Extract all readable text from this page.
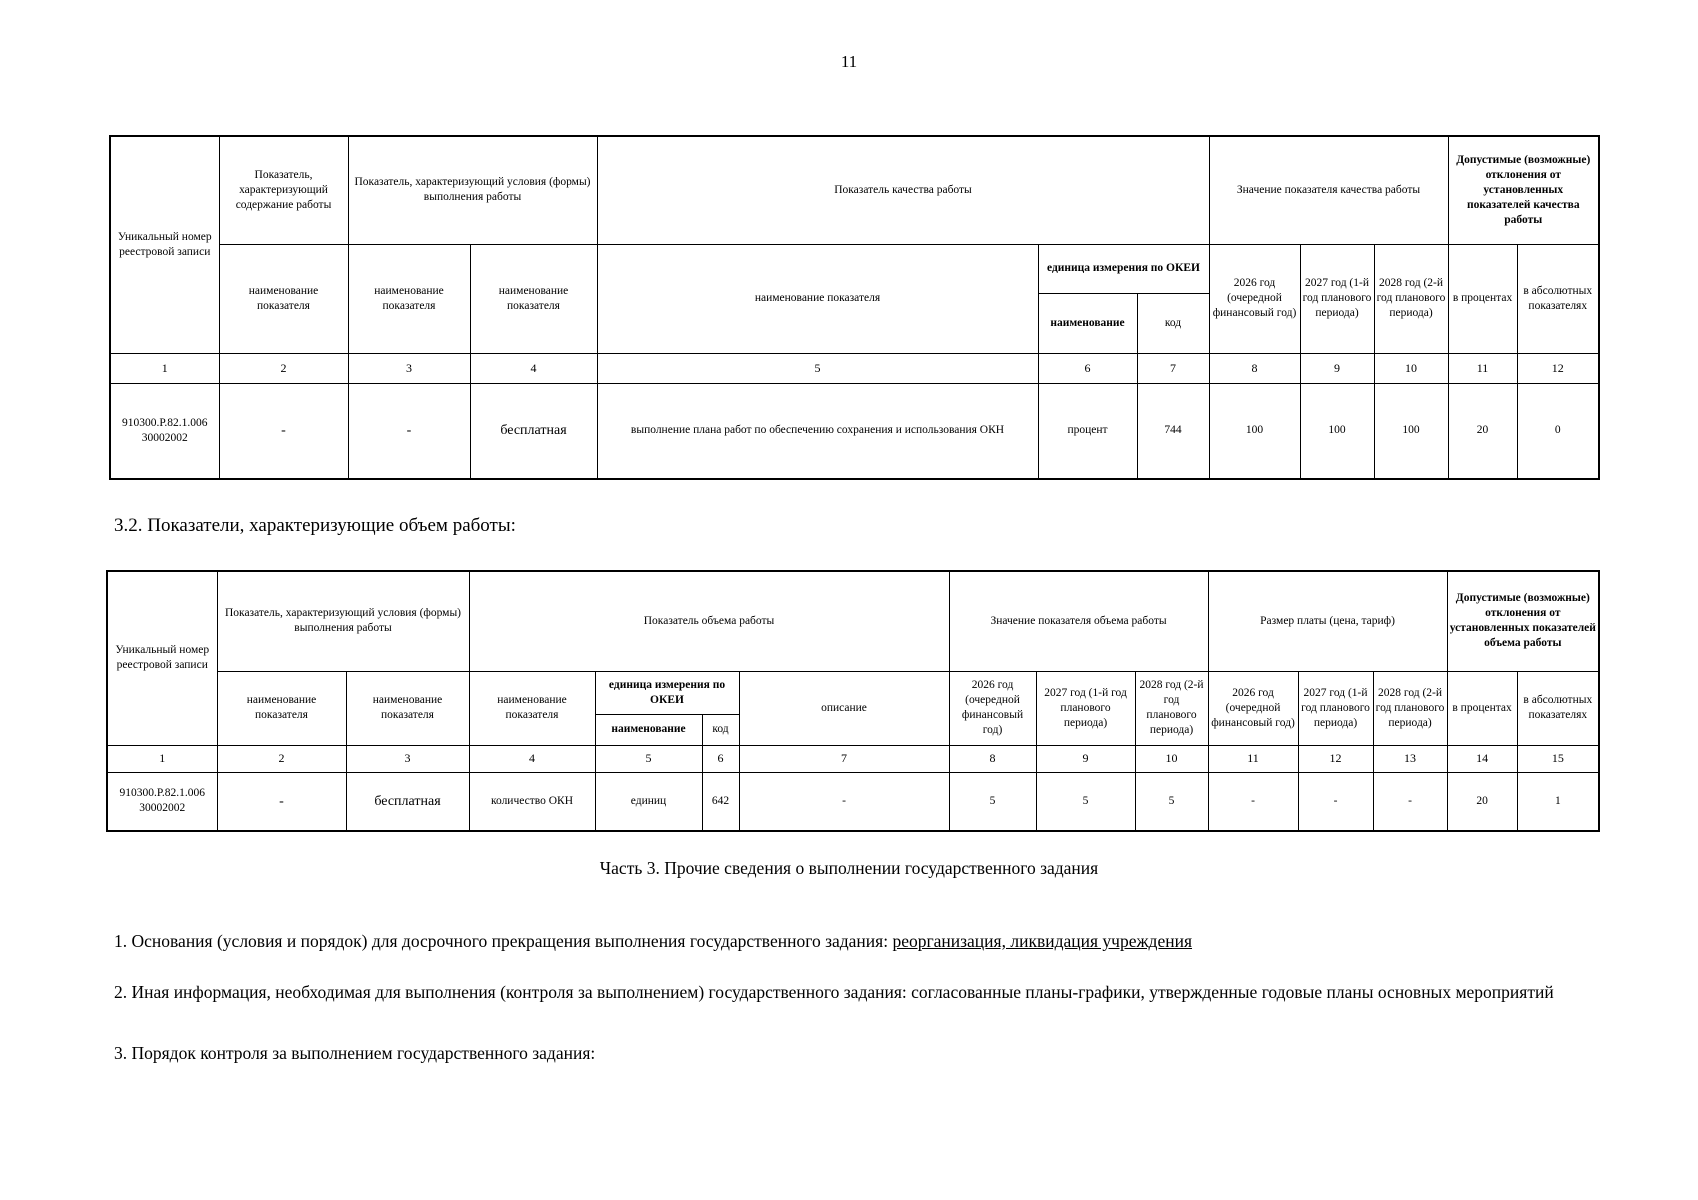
11
Уникальный номер реестровой записи	Показатель, характеризующий содержание работы	Показатель, характеризующий условия (формы) выполнения работы		Показатель качества работы			Значение показателя качества работы			Допустимые (возможные) отклонения от установленных показателей качества работы	
	наименование показателя	наименование показателя	наименование показателя	наименование показателя	единица измерения по ОКЕИ		2026 год (очередной финансовый год)	2027 год (1-й год планового периода)	2028 год (2-й год планового периода)	в процентах	в абсолютных показателях
					наименование	код					
1	2	3	4	5	6	7	8	9	10	11	12
910300.Р.82.1.006 30002002	-	-	бесплатная	выполнение плана работ по обеспечению сохранения и использования ОКН	процент	744	100	100	100	20	0
3.2. Показатели, характеризующие объем работы:
Уникальный номер реестровой записи	Показатель, характеризующий условия (формы) выполнения работы		Показатель объема работы				Значение показателя объема работы			Размер платы (цена, тариф)			Допустимые (возможные) отклонения от установленных показателей объема работы	
	наименование показателя	наименование показателя	наименование показателя	единица измерения по ОКЕИ		описание	2026 год (очередной финансовый год)	2027 год (1-й год планового периода)	2028 год (2-й год планового периода)	2026 год (очередной финансовый год)	2027 год (1-й год планового периода)	2028 год (2-й год планового периода)	в процентах	в абсолютных показателях
				наименование	код									
1	2	3	4	5	6	7	8	9	10	11	12	13	14	15
910300.Р.82.1.006 30002002	-	бесплатная	количество ОКН	единиц	642	-	5	5	5	-	-	-	20	1
Часть 3. Прочие сведения о выполнении государственного задания
1. Основания (условия и порядок) для досрочного прекращения выполнения государственного задания: реорганизация, ликвидация учреждения
2. Иная информация, необходимая для выполнения (контроля за выполнением) государственного задания: согласованные планы-графики, утвержденные годовые планы основных мероприятий
3. Порядок контроля за выполнением государственного задания:
